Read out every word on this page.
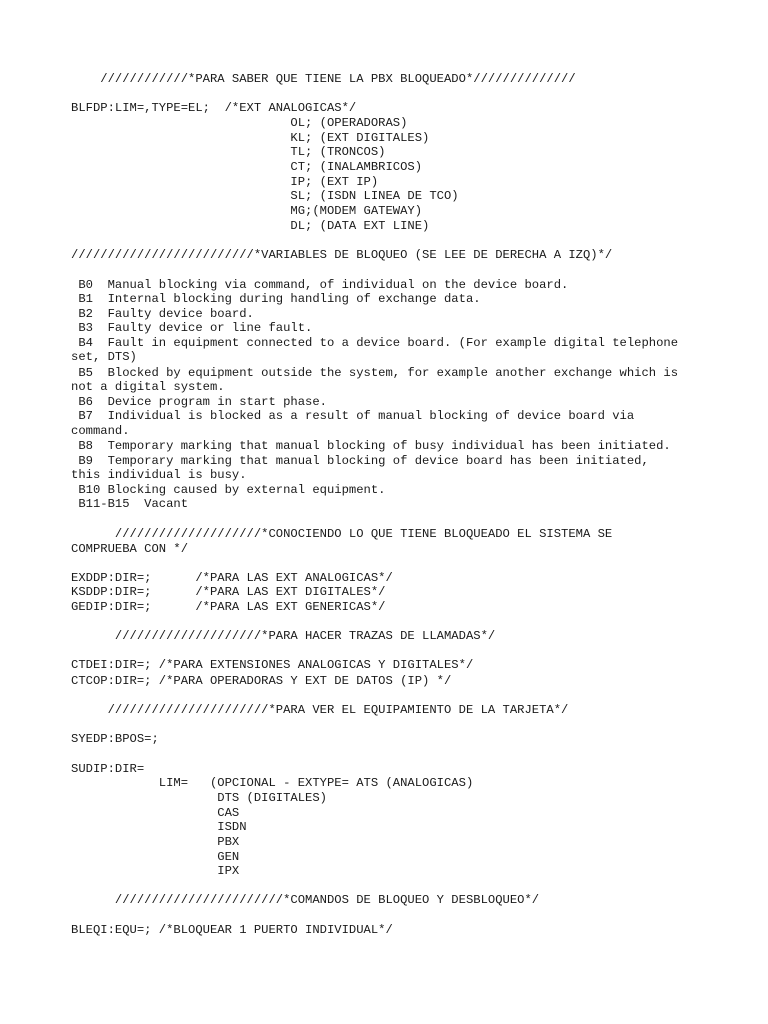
////////////*PARA SABER QUE TIENE LA PBX BLOQUEADO*//////////////
BLFDP:LIM=,TYPE=EL;  /*EXT ANALOGICAS*/
OL; (OPERADORAS)
KL; (EXT DIGITALES)
TL; (TRONCOS)
CT; (INALAMBRICOS)
IP; (EXT IP)
SL; (ISDN LINEA DE TCO)
MG;(MODEM GATEWAY)
DL; (DATA EXT LINE)
/////////////////////////*VARIABLES DE BLOQUEO (SE LEE DE DERECHA A IZQ)*/
B0  Manual blocking via command, of individual on the device board.
B1  Internal blocking during handling of exchange data.
B2  Faulty device board.
B3  Faulty device or line fault.
B4  Fault in equipment connected to a device board. (For example digital telephone
set, DTS)
B5  Blocked by equipment outside the system, for example another exchange which is
not a digital system.
B6  Device program in start phase.
B7  Individual is blocked as a result of manual blocking of device board via
command.
B8  Temporary marking that manual blocking of busy individual has been initiated.
B9  Temporary marking that manual blocking of device board has been initiated,
this individual is busy.
B10 Blocking caused by external equipment.
B11-B15  Vacant
////////////////////*CONOCIENDO LO QUE TIENE BLOQUEADO EL SISTEMA SE
COMPRUEBA CON */
EXDDP:DIR=;      /*PARA LAS EXT ANALOGICAS*/
KSDDP:DIR=;      /*PARA LAS EXT DIGITALES*/
GEDIP:DIR=;      /*PARA LAS EXT GENERICAS*/
////////////////////*PARA HACER TRAZAS DE LLAMADAS*/
CTDEI:DIR=; /*PARA EXTENSIONES ANALOGICAS Y DIGITALES*/
CTCOP:DIR=; /*PARA OPERADORAS Y EXT DE DATOS (IP) */
//////////////////////*PARA VER EL EQUIPAMIENTO DE LA TARJETA*/
SYEDP:BPOS=;
SUDIP:DIR=
LIM=   (OPCIONAL - EXTYPE= ATS (ANALOGICAS)
DTS (DIGITALES)
CAS
ISDN
PBX
GEN
IPX
///////////////////////*COMANDOS DE BLOQUEO Y DESBLOQUEO*/
BLEQI:EQU=; /*BLOQUEAR 1 PUERTO INDIVIDUAL*/
